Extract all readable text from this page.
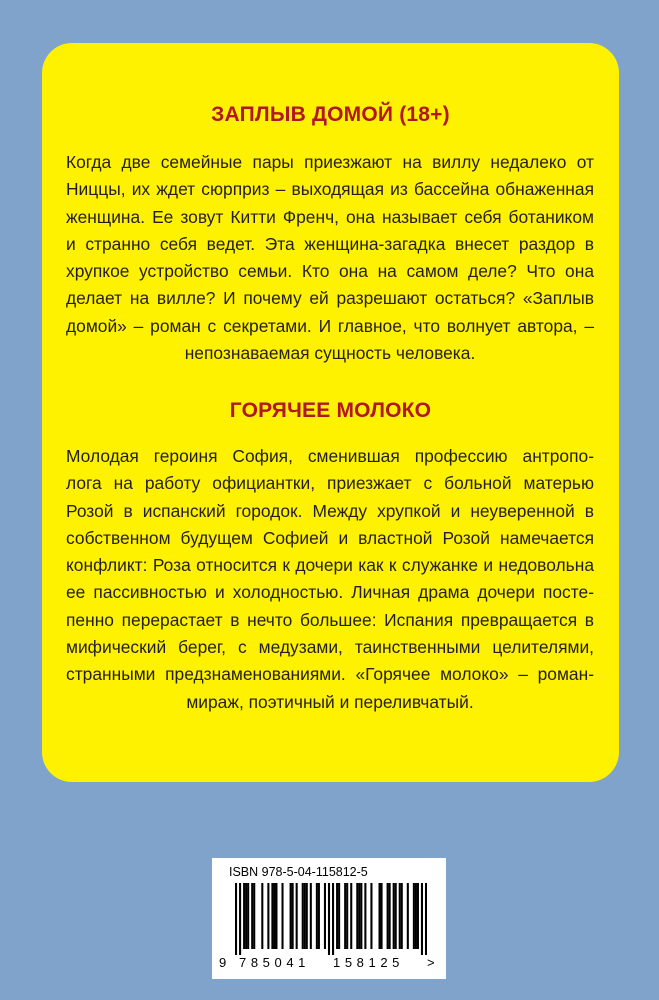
ЗАПЛЫВ ДОМОЙ (18+)
Когда две семейные пары приезжают на виллу недалеко от
Ниццы, их ждет сюрприз – выходящая из бассейна обнаженная
женщина. Ее зовут Китти Френч, она называет себя ботаником
и странно себя ведет. Эта женщина-загадка внесет раздор в
хрупкое устройство семьи. Кто она на самом деле? Что она
делает на вилле? И почему ей разрешают остаться? «Заплыв
домой» – роман с секретами. И главное, что волнует автора, –
непознаваемая сущность человека.
ГОРЯЧЕЕ МОЛОКО
Молодая героиня София, сменившая профессию антропо-
лога на работу официантки, приезжает с больной матерью
Розой в испанский городок. Между хрупкой и неуверенной в
собственном будущем Софией и властной Розой намечается
конфликт: Роза относится к дочери как к служанке и недовольна
ее пассивностью и холодностью. Личная драма дочери посте-
пенно перерастает в нечто большее: Испания превращается в
мифический берег, с медузами, таинственными целителями,
странными предзнаменованиями. «Горячее молоко» – роман-
мираж, поэтичный и переливчатый.
ISBN 978-5-04-115812-5
9 785041 158125 >
